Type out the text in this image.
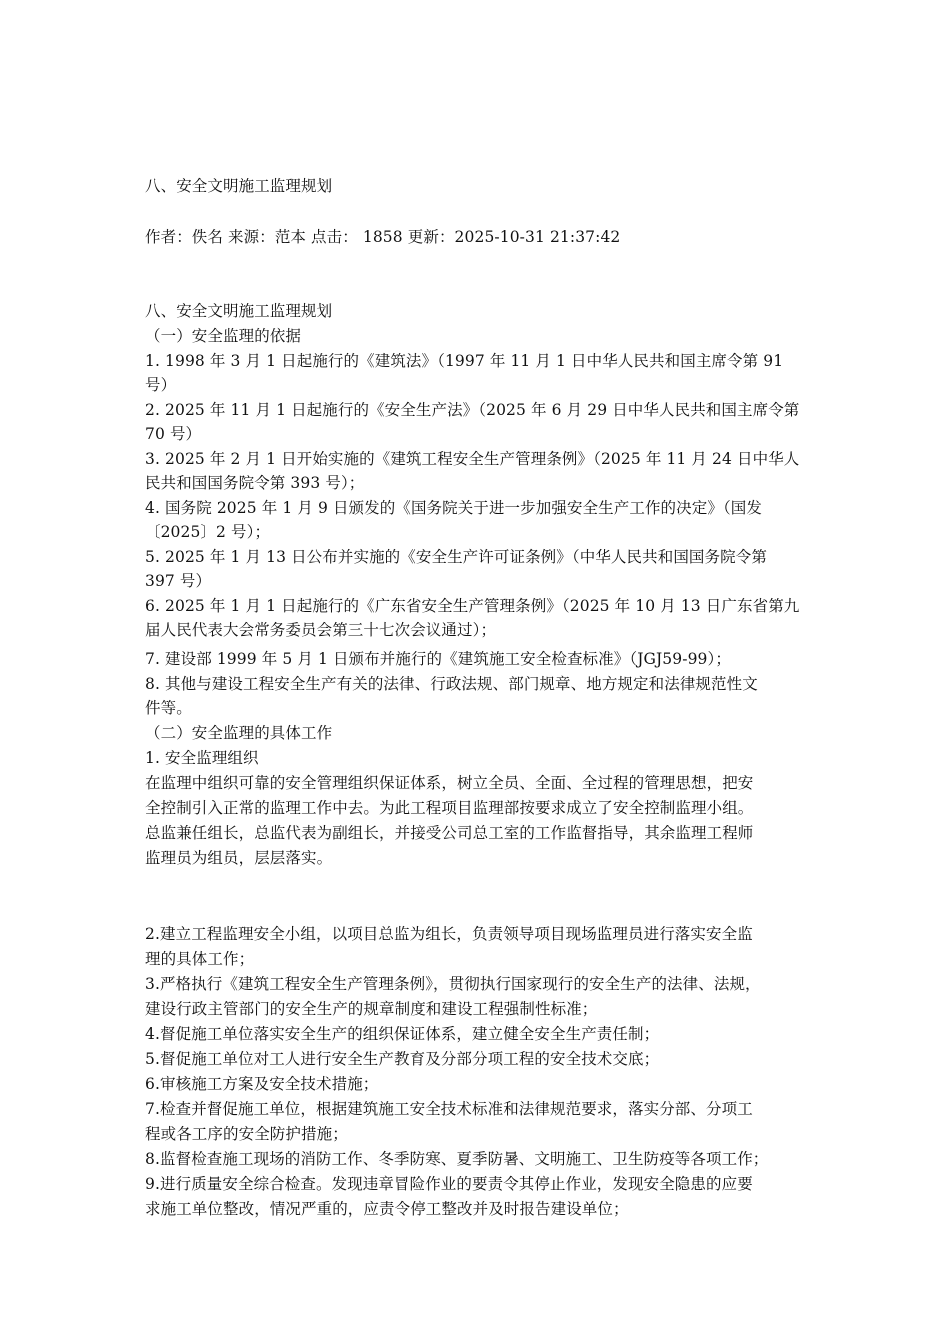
八、安全文明施工监理规划
作者：佚名 来源：范本 点击： 1858 更新：2025-10-31 21:37:42
八、安全文明施工监理规划
（一）安全监理的依据
1. 1998 年 3 月 1 日起施行的《建筑法》（1997 年 11 月 1 日中华人民共和国主席令第 91
号）
2. 2025 年 11 月 1 日起施行的《安全生产法》（2025 年 6 月 29 日中华人民共和国主席令第
70 号）
3. 2025 年 2 月 1 日开始实施的《建筑工程安全生产管理条例》（2025 年 11 月 24 日中华人
民共和国国务院令第 393 号）；
4. 国务院 2025 年 1 月 9 日颁发的《国务院关于进一步加强安全生产工作的决定》（国发
〔2025〕2 号）；
5. 2025 年 1 月 13 日公布并实施的《安全生产许可证条例》（中华人民共和国国务院令第
397 号）
6. 2025 年 1 月 1 日起施行的《广东省安全生产管理条例》（2025 年 10 月 13 日广东省第九
届人民代表大会常务委员会第三十七次会议通过）；
7. 建设部 1999 年 5 月 1 日颁布并施行的《建筑施工安全检查标准》（JGJ59-99）；
8. 其他与建设工程安全生产有关的法律、行政法规、部门规章、地方规定和法律规范性文
件等。
（二）安全监理的具体工作
1. 安全监理组织
在监理中组织可靠的安全管理组织保证体系，树立全员、全面、全过程的管理思想，把安
全控制引入正常的监理工作中去。为此工程项目监理部按要求成立了安全控制监理小组。
总监兼任组长，总监代表为副组长，并接受公司总工室的工作监督指导，其余监理工程师
监理员为组员，层层落实。
2.建立工程监理安全小组，以项目总监为组长，负责领导项目现场监理员进行落实安全监
理的具体工作；
3.严格执行《建筑工程安全生产管理条例》，贯彻执行国家现行的安全生产的法律、法规，
建设行政主管部门的安全生产的规章制度和建设工程强制性标准；
4.督促施工单位落实安全生产的组织保证体系，建立健全安全生产责任制；
5.督促施工单位对工人进行安全生产教育及分部分项工程的安全技术交底；
6.审核施工方案及安全技术措施；
7.检查并督促施工单位，根据建筑施工安全技术标准和法律规范要求，落实分部、分项工
程或各工序的安全防护措施；
8.监督检查施工现场的消防工作、冬季防寒、夏季防暑、文明施工、卫生防疫等各项工作；
9.进行质量安全综合检查。发现违章冒险作业的要责令其停止作业，发现安全隐患的应要
求施工单位整改，情况严重的，应责令停工整改并及时报告建设单位；
